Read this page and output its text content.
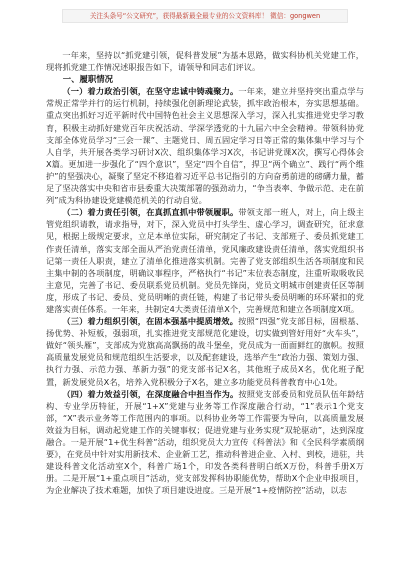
关注头条号“公文研究”，获得最新最全最专业的公文资料库！ 微信：gongwen

一年来，坚持以“抓党建引领，促科普发展”为基本思路，做实科协机关党建工作，现将抓党建工作情况述职报告如下，请领导和同志们评议。

一、履职情况

（一）着力政治引领，在坚守忠诚中铸魂聚力。一年来，建立并坚持突出重点学与常规正常学并行的运行机制，持续强化创新理论武装，抓牢政治根本，夯实思想基础。重点突出抓好习近平新时代中国特色社会主义思想深入学习，深入扎实推进党史学习教育，积极主动抓好建党百年庆祝活动、学深学透党的十九届六中全会精神。带领科协党支部全体党员学习“三会一课”、主题党日、周五固定学习日等正常的集体集中学习与个人自学，共开展各类学习研讨X次、组织集体学习X次，书记讲党课X次，撰写心得体会X篇。更加进一步强化了“四个意识”，坚定“四个自信”，捍卫“两个确立”、践行“两个维护”的坚强决心，凝聚了坚定不移追着习近平总书记指引的方向奋勇前进的磅礴力量，蓄足了坚决落实中央和省市县委重大决策部署的强劲动力，“争当表率、争做示范、走在前列”成为科协建设党建模范机关的行动自觉。

（二）着力责任引领，在真抓直抓中带领履职。带领支部一班人，对上，向上级主管党组织请教，请求指导，对下，深入党员中打头学生、虚心学习，调查研究，征求意见，根据上级规定要求，立足本单位实际，研究制定了书记、支部班子、委员抓党建工作责任清单，落实支部全面从严治党责任清单，党风廉政建设责任清单，落实党组织书记第一责任人职责，建立了清单化推进落实机制。完善了党支部组织生活各项制度和民主集中制的各项制度，明确议事程序，严格执行“书记”末位表态制度，注重听取吸收民主意见，完善了书记、委员联系党员机制。党员先锋岗，党员文明城市创建责任区等制度，形成了书记、委员、党员明晰的责任链，构建了书记带头委员明晰的环环紧扣的党建落实责任体系。一年来，共制定4大类责任清单X个，完善规范和建立各项制度X项。

（三）着力组织引领，在固本强基中提质增效。按照“四强”党支部目标，固根基、扬优势、补短板，强弱项，扎实推进党支部规范化建设，切实做到管好用好“火车头”，做好“领头雁”，支部成为党旗高高飘扬的战斗堡垒，党员成为一面面鲜红的旗帜。按照高质量发展党员和规范组织生活要求，以及配套建设，选举产生“政治力强、策划力强、执行力强、示范力强、革新力强”的党支部书记X名，其他班子成员X名，优化班子配置，新发展党员X名，培养入党积极分子X名，建立多功能党员科普教育中心1处。

（四）着力效益引领，在深度融合中担当作为。按照党支部委员和党员队伍年龄结构、专业学历特征，开展“1+X”党建与业务等工作深度融合行动，“1”表示1个党支部，“X”表示业务等工作范围内的事项。以科协业务等工作需要为导向，以高质量发展效益为目标，调动起党建工作的关键事权；促进党建与业务实现“双轮驱动”，达到深度融合。一是开展“1+优生科普”活动，组织党员大力宣传《科普法》和《全民科学素质纲要》，在党员中针对实用新技术、企业新工艺，推动科普进企业、入村、到校，进驻，共建设科普文化活动室X个，科普广场1个，印发各类科普明白纸X万份，科普手册X万册。二是开展“1+重点项目”活动，党支部发挥科协职能优势，帮助X个企业申报项目，为企业解决了技术难题，加快了项目建设进度。三是开展“1+疫情防控”活动，以志
